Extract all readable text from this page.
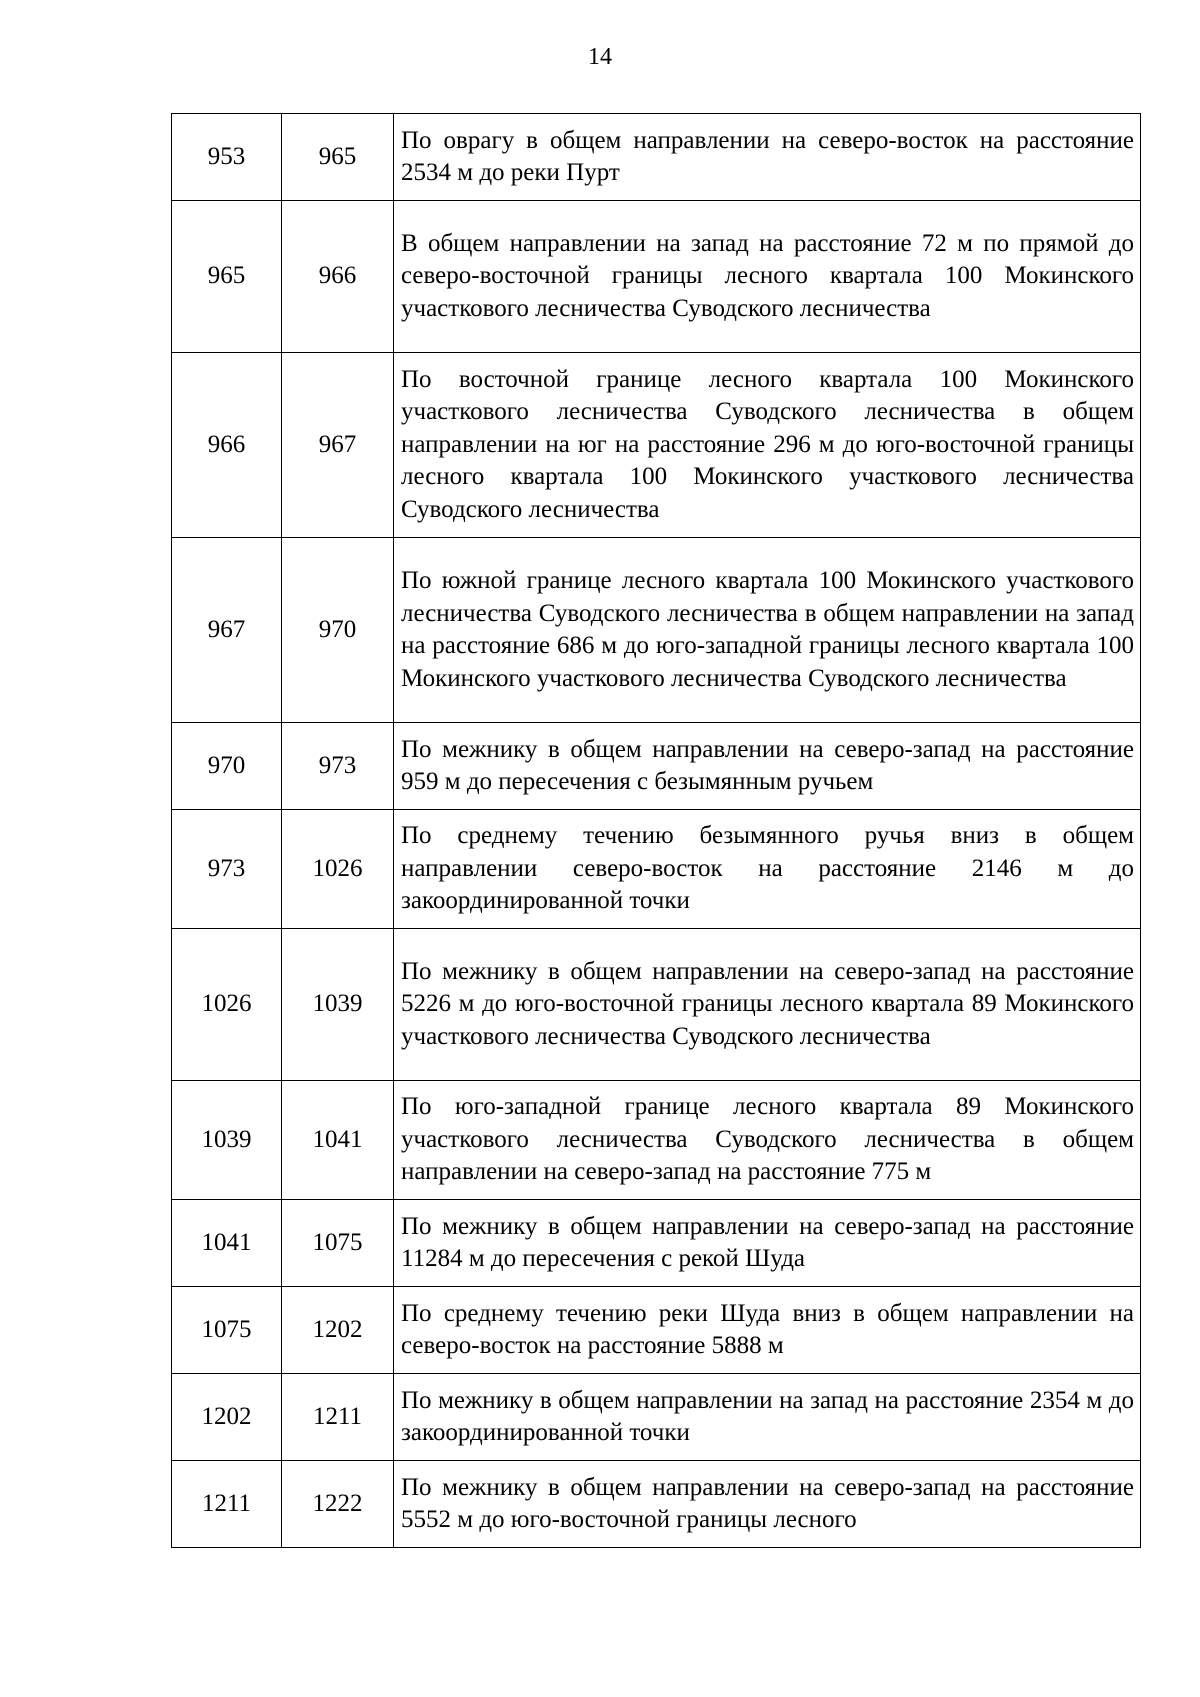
14
953	965	По оврагу в общем направлении на северо-восток на расстояние 2534 м до реки Пурт
965	966	В общем направлении на запад на расстояние 72 м по прямой до северо-восточной границы лесного квартала 100 Мокинского участкового лесничества Суводского лесничества
966	967	По восточной границе лесного квартала 100 Мокинского участкового лесничества Суводского лесничества в общем направлении на юг на расстояние 296 м до юго-восточной границы лесного квартала 100 Мокинского участкового лесничества Суводского лесничества
967	970	По южной границе лесного квартала 100 Мокинского участкового лесничества Суводского лесничества в общем направлении на запад на расстояние 686 м до юго-западной границы лесного квартала 100 Мокинского участкового лесничества Суводского лесничества
970	973	По межнику в общем направлении на северо-запад на расстояние 959 м до пересечения с безымянным ручьем
973	1026	По среднему течению безымянного ручья вниз в общем направлении северо-восток на расстояние 2146 м до закоординированной точки
1026	1039	По межнику в общем направлении на северо-запад на расстояние 5226 м до юго-восточной границы лесного квартала 89 Мокинского участкового лесничества Суводского лесничества
1039	1041	По юго-западной границе лесного квартала 89 Мокинского участкового лесничества Суводского лесничества в общем направлении на северо-запад на расстояние 775 м
1041	1075	По межнику в общем направлении на северо-запад на расстояние 11284 м до пересечения с рекой Шуда
1075	1202	По среднему течению реки Шуда вниз в общем направлении на северо-восток на расстояние 5888 м
1202	1211	По межнику в общем направлении на запад на расстояние 2354 м до закоординированной точки
1211	1222	По межнику в общем направлении на северо-запад на расстояние 5552 м до юго-восточной границы лесного
